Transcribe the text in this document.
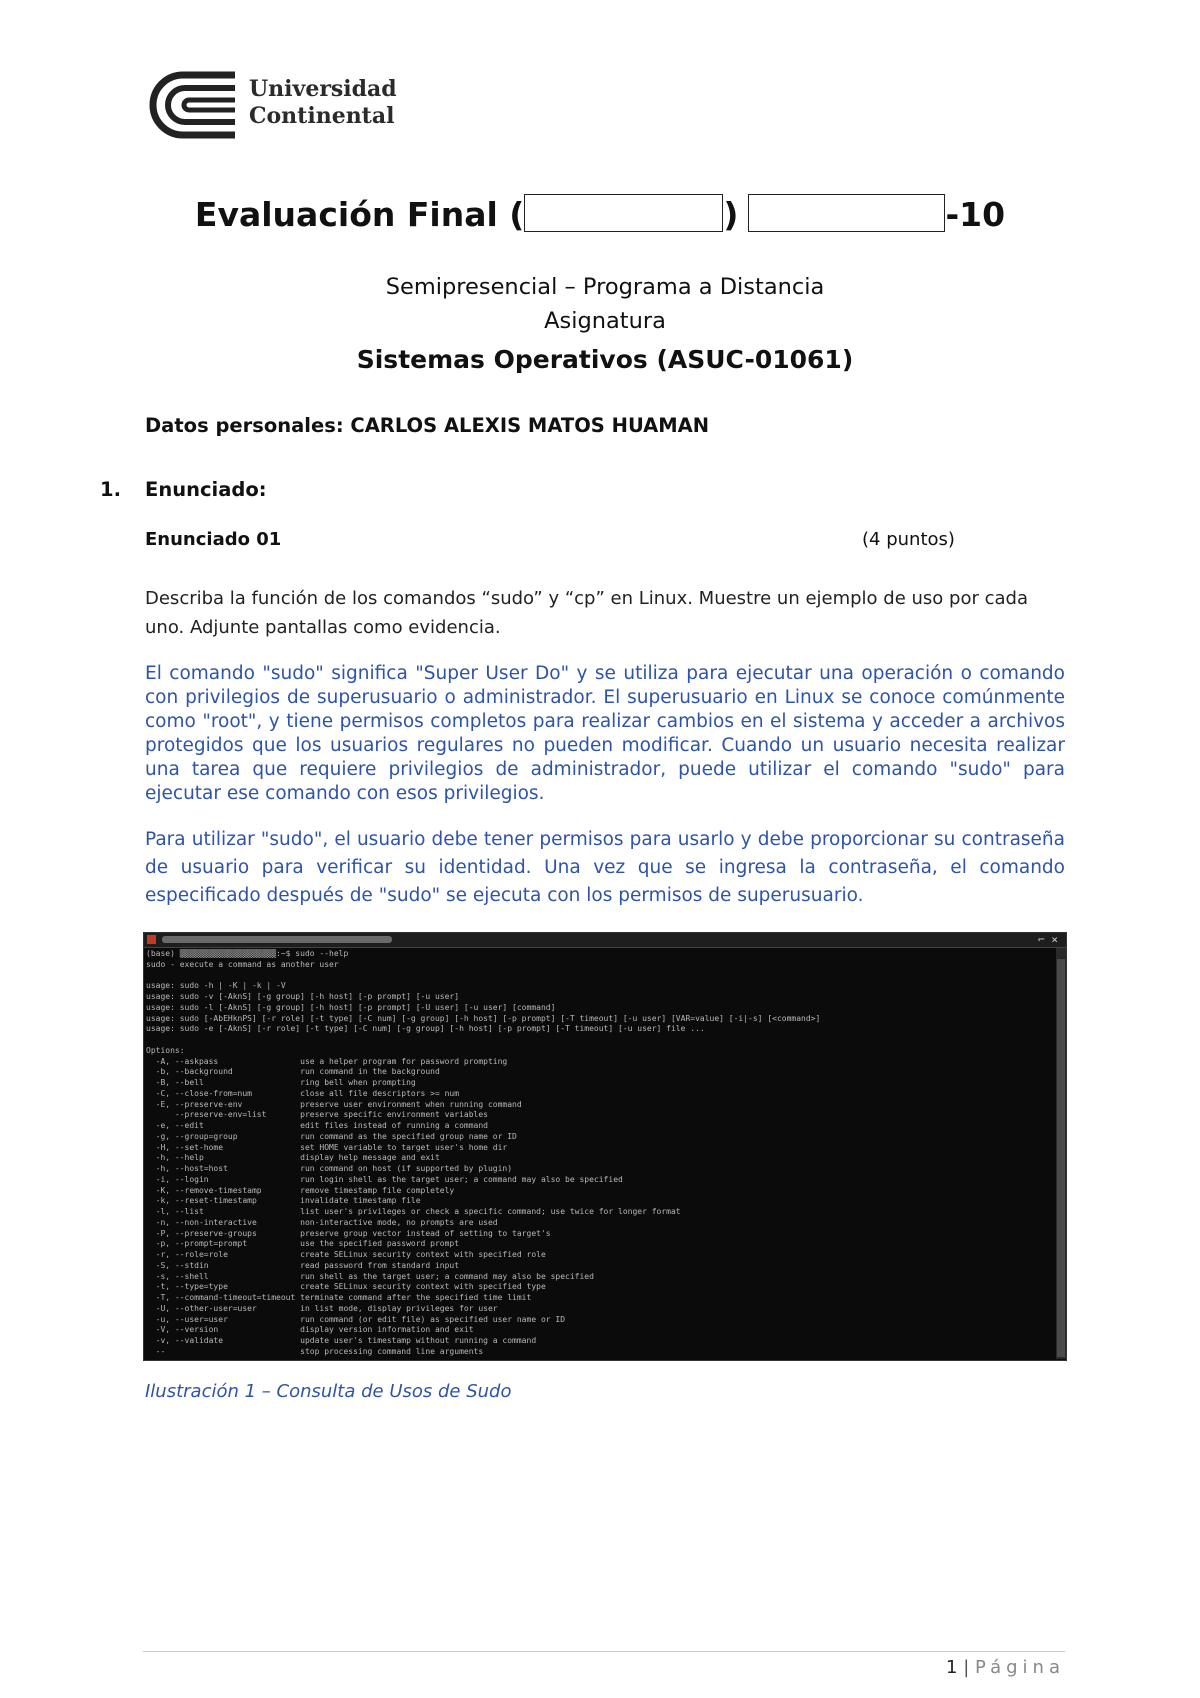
Universidad
Continental
Evaluación Final (	)	-10
Semipresencial – Programa a Distancia
Asignatura
Sistemas Operativos (ASUC-01061)
Datos personales: CARLOS ALEXIS MATOS HUAMAN
1. Enunciado:
Enunciado 01	(4 puntos)
Describa la función de los comandos “sudo” y “cp” en Linux. Muestre un ejemplo de uso por cada uno. Adjunte pantallas como evidencia.
El comando "sudo" significa "Super User Do" y se utiliza para ejecutar una operación o comando con privilegios de superusuario o administrador. El superusuario en Linux se conoce comúnmente como "root", y tiene permisos completos para realizar cambios en el sistema y acceder a archivos protegidos que los usuarios regulares no pueden modificar. Cuando un usuario necesita realizar una tarea que requiere privilegios de administrador, puede utilizar el comando "sudo" para ejecutar ese comando con esos privilegios.
Para utilizar "sudo", el usuario debe tener permisos para usarlo y debe proporcionar su contraseña de usuario para verificar su identidad. Una vez que se ingresa la contraseña, el comando especificado después de "sudo" se ejecuta con los permisos de superusuario.
⌐ ×
(base) ▒▒▒▒▒▒▒▒▒▒▒▒▒▒▒▒▒▒▒▒:~$ sudo --help
sudo - execute a command as another user

usage: sudo -h | -K | -k | -V
usage: sudo -v [-AknS] [-g group] [-h host] [-p prompt] [-u user]
usage: sudo -l [-AknS] [-g group] [-h host] [-p prompt] [-U user] [-u user] [command]
usage: sudo [-AbEHknPS] [-r role] [-t type] [-C num] [-g group] [-h host] [-p prompt] [-T timeout] [-u user] [VAR=value] [-i|-s] [<command>]
usage: sudo -e [-AknS] [-r role] [-t type] [-C num] [-g group] [-h host] [-p prompt] [-T timeout] [-u user] file ...

Options:
-A, --askpass                 use a helper program for password prompting
-b, --background              run command in the background
-B, --bell                    ring bell when prompting
-C, --close-from=num          close all file descriptors >= num
-E, --preserve-env            preserve user environment when running command
--preserve-env=list       preserve specific environment variables
-e, --edit                    edit files instead of running a command
-g, --group=group             run command as the specified group name or ID
-H, --set-home                set HOME variable to target user's home dir
-h, --help                    display help message and exit
-h, --host=host               run command on host (if supported by plugin)
-i, --login                   run login shell as the target user; a command may also be specified
-K, --remove-timestamp        remove timestamp file completely
-k, --reset-timestamp         invalidate timestamp file
-l, --list                    list user's privileges or check a specific command; use twice for longer format
-n, --non-interactive         non-interactive mode, no prompts are used
-P, --preserve-groups         preserve group vector instead of setting to target's
-p, --prompt=prompt           use the specified password prompt
-r, --role=role               create SELinux security context with specified role
-S, --stdin                   read password from standard input
-s, --shell                   run shell as the target user; a command may also be specified
-t, --type=type               create SELinux security context with specified type
-T, --command-timeout=timeout terminate command after the specified time limit
-U, --other-user=user         in list mode, display privileges for user
-u, --user=user               run command (or edit file) as specified user name or ID
-V, --version                 display version information and exit
-v, --validate                update user's timestamp without running a command
--                            stop processing command line arguments
Ilustración 1 – Consulta de Usos de Sudo
1 | Página
